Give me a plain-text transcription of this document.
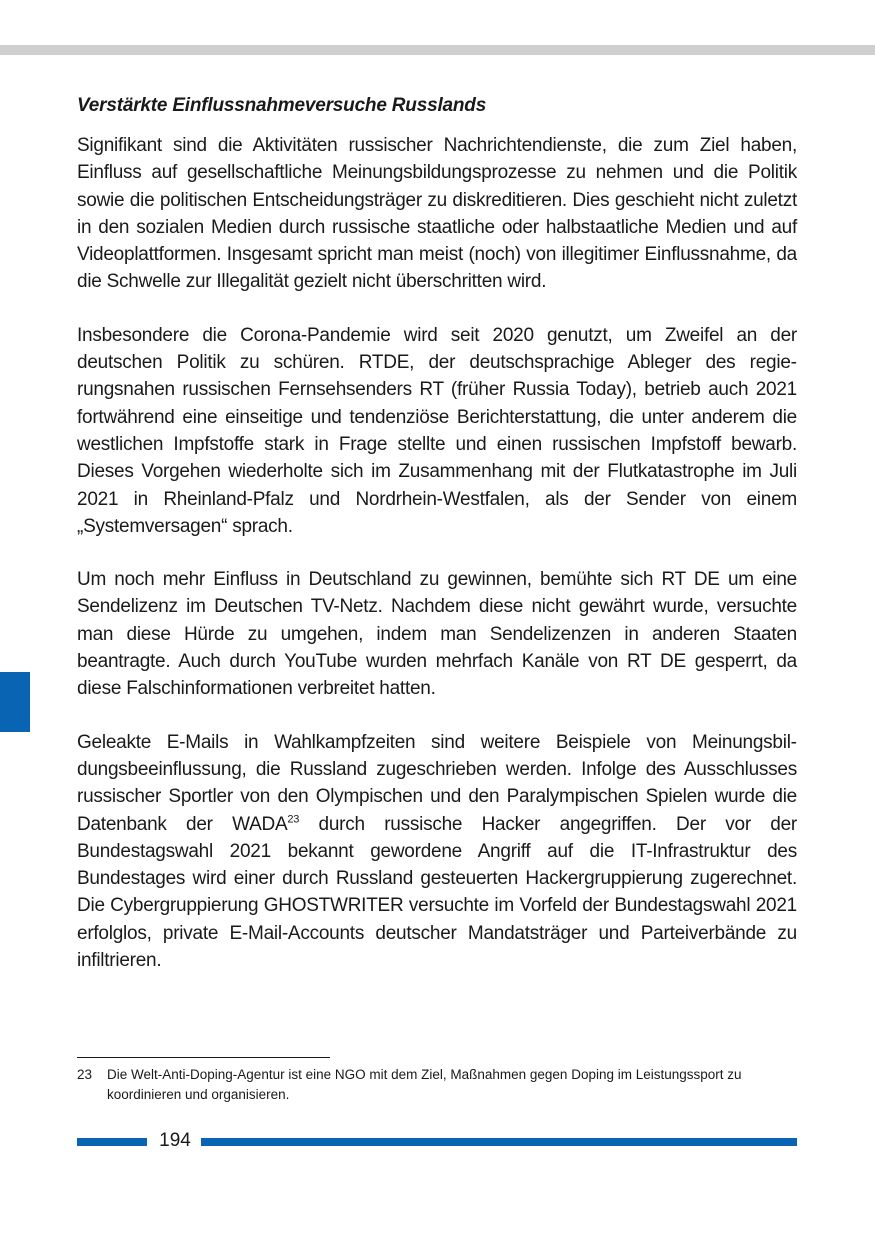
Verstärkte Einflussnahmeversuche Russlands

Signifikant sind die Aktivitäten russischer Nachrichtendienste, die zum Ziel haben, Einfluss auf gesellschaftliche Meinungsbildungsprozesse zu nehmen und die Politik sowie die politischen Entscheidungsträger zu diskreditieren. Dies geschieht nicht zuletzt in den sozialen Medien durch russische staatliche oder halbstaatliche Medien und auf Videoplattformen. Insgesamt spricht man meist (noch) von illegitimer Einflussnahme, da die Schwelle zur Illegalität gezielt nicht überschritten wird.

Insbesondere die Corona-Pandemie wird seit 2020 genutzt, um Zweifel an der deutschen Politik zu schüren. RTDE, der deutschsprachige Ableger des regierungsnahen russischen Fernsehsenders RT (früher Russia Today), betrieb auch 2021 fortwährend eine einseitige und tendenziöse Berichterstattung, die unter anderem die westlichen Impfstoffe stark in Frage stellte und einen russischen Impfstoff bewarb. Dieses Vorgehen wiederholte sich im Zusammenhang mit der Flutkatastrophe im Juli 2021 in Rheinland-Pfalz und Nordrhein-Westfalen, als der Sender von einem „Systemversagen“ sprach.

Um noch mehr Einfluss in Deutschland zu gewinnen, bemühte sich RT DE um eine Sendelizenz im Deutschen TV-Netz. Nachdem diese nicht gewährt wurde, versuchte man diese Hürde zu umgehen, indem man Sendelizenzen in anderen Staaten beantragte. Auch durch YouTube wurden mehrfach Kanäle von RT DE gesperrt, da diese Falschinformationen verbreitet hatten.

Geleakte E-Mails in Wahlkampfzeiten sind weitere Beispiele von Meinungsbildungsbeeinflussung, die Russland zugeschrieben werden. Infolge des Ausschlusses russischer Sportler von den Olympischen und den Paralympischen Spielen wurde die Datenbank der WADA$^{23}$ durch russische Hacker angegriffen. Der vor der Bundestagswahl 2021 bekannt gewordene Angriff auf die IT-Infrastruktur des Bundestages wird einer durch Russland gesteuerten Hackergruppierung zugerechnet. Die Cybergruppierung GHOSTWRITER versuchte im Vorfeld der Bundestagswahl 2021 erfolglos, private E-Mail-Accounts deutscher Mandatsträger und Parteiverbände zu infiltrieren.

23	Die Welt-Anti-Doping-Agentur ist eine NGO mit dem Ziel, Maßnahmen gegen Doping im Leistungssport zu koordinieren und organisieren.
194
